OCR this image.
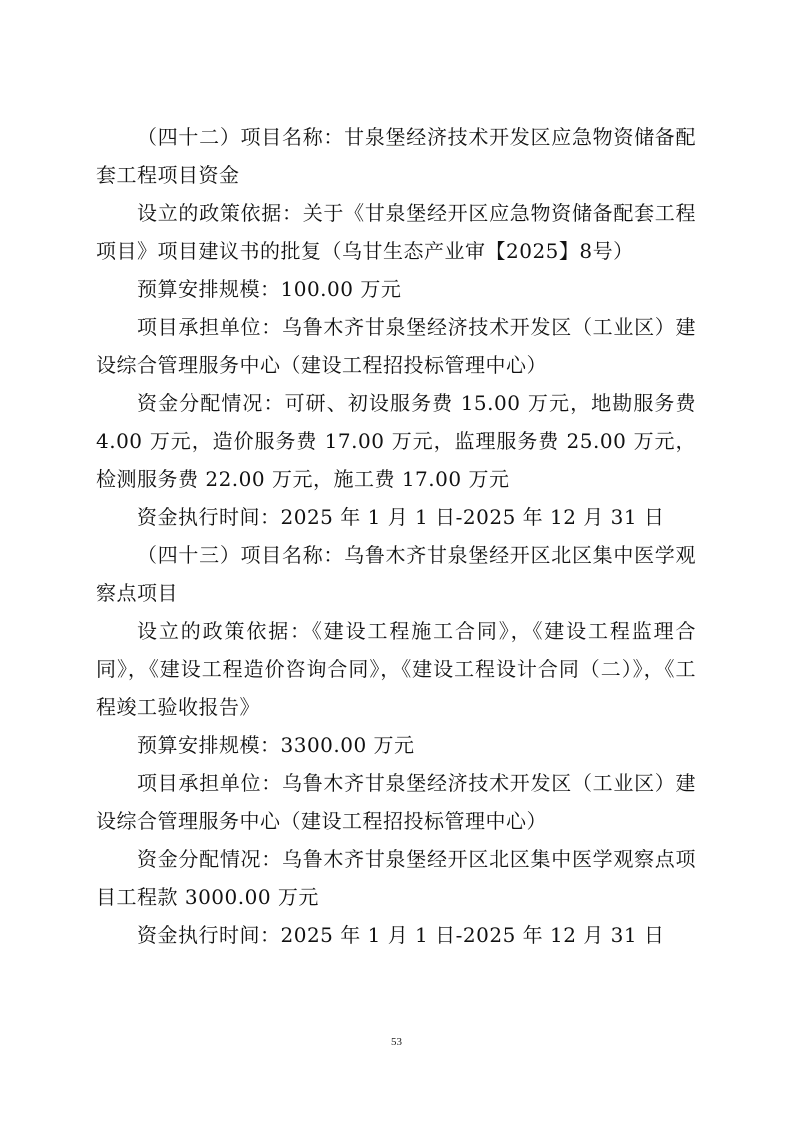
（四十二）项目名称：甘泉堡经济技术开发区应急物资储备配套工程项目资金

设立的政策依据：关于《甘泉堡经开区应急物资储备配套工程项目》项目建议书的批复（乌甘生态产业审【2025】8号）

预算安排规模：100.00 万元

项目承担单位：乌鲁木齐甘泉堡经济技术开发区（工业区）建设综合管理服务中心（建设工程招投标管理中心）

资金分配情况：可研、初设服务费 15.00 万元，地勘服务费 4.00 万元，造价服务费 17.00 万元，监理服务费 25.00 万元，检测服务费 22.00 万元，施工费 17.00 万元

资金执行时间：2025 年 1 月 1 日-2025 年 12 月 31 日

（四十三）项目名称：乌鲁木齐甘泉堡经开区北区集中医学观察点项目

设立的政策依据：《建设工程施工合同》，《建设工程监理合同》，《建设工程造价咨询合同》，《建设工程设计合同（二）》，《工程竣工验收报告》

预算安排规模：3300.00 万元

项目承担单位：乌鲁木齐甘泉堡经济技术开发区（工业区）建设综合管理服务中心（建设工程招投标管理中心）

资金分配情况：乌鲁木齐甘泉堡经开区北区集中医学观察点项目工程款 3000.00 万元

资金执行时间：2025 年 1 月 1 日-2025 年 12 月 31 日

53
